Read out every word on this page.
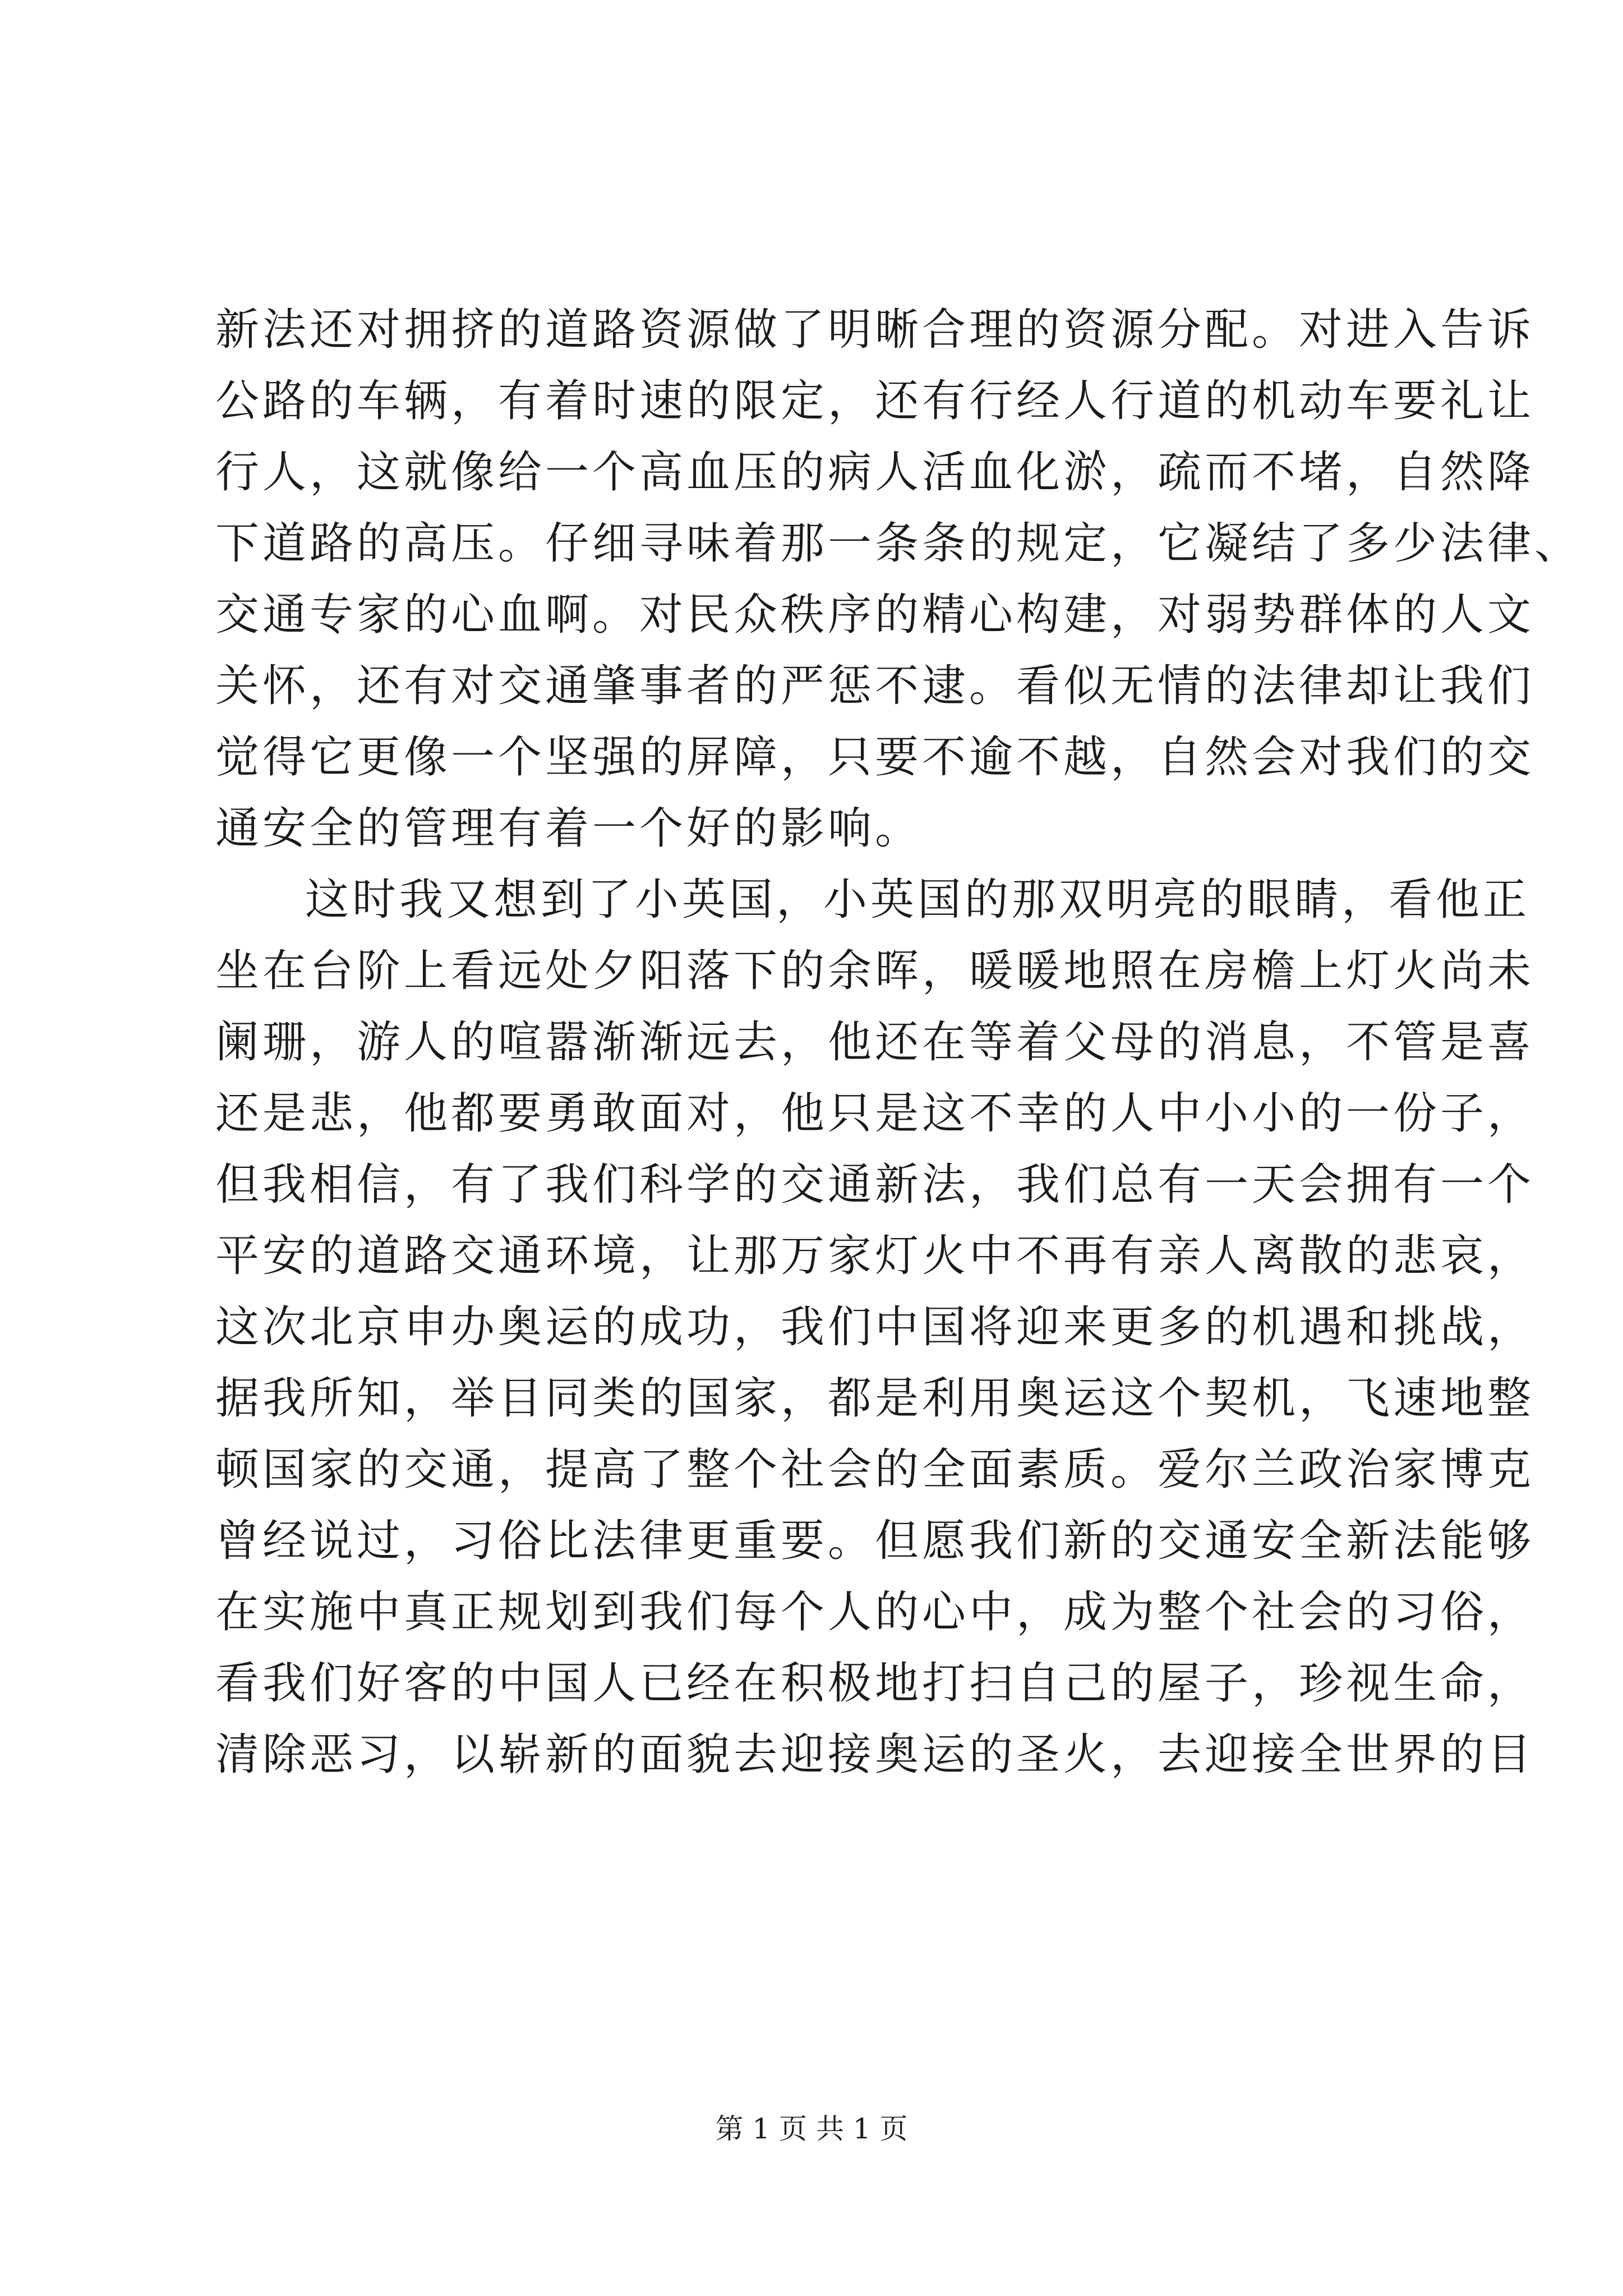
新法还对拥挤的道路资源做了明晰合理的资源分配。对进入告诉
公路的车辆，有着时速的限定，还有行经人行道的机动车要礼让
行人，这就像给一个高血压的病人活血化淤，疏而不堵，自然降
下道路的高压。仔细寻味着那一条条的规定，它凝结了多少法律、
交通专家的心血啊。对民众秩序的精心构建，对弱势群体的人文
关怀，还有对交通肇事者的严惩不逮。看似无情的法律却让我们
觉得它更像一个坚强的屏障，只要不逾不越，自然会对我们的交
通安全的管理有着一个好的影响。
这时我又想到了小英国，小英国的那双明亮的眼睛，看他正
坐在台阶上看远处夕阳落下的余晖，暖暖地照在房檐上灯火尚未
阑珊，游人的喧嚣渐渐远去，他还在等着父母的消息，不管是喜
还是悲，他都要勇敢面对，他只是这不幸的人中小小的一份子，
但我相信，有了我们科学的交通新法，我们总有一天会拥有一个
平安的道路交通环境，让那万家灯火中不再有亲人离散的悲哀，
这次北京申办奥运的成功，我们中国将迎来更多的机遇和挑战，
据我所知，举目同类的国家，都是利用奥运这个契机，飞速地整
顿国家的交通，提高了整个社会的全面素质。爱尔兰政治家博克
曾经说过，习俗比法律更重要。但愿我们新的交通安全新法能够
在实施中真正规划到我们每个人的心中，成为整个社会的习俗，
看我们好客的中国人已经在积极地打扫自己的屋子，珍视生命，
清除恶习，以崭新的面貌去迎接奥运的圣火，去迎接全世界的目
第 1 页 共 1 页
